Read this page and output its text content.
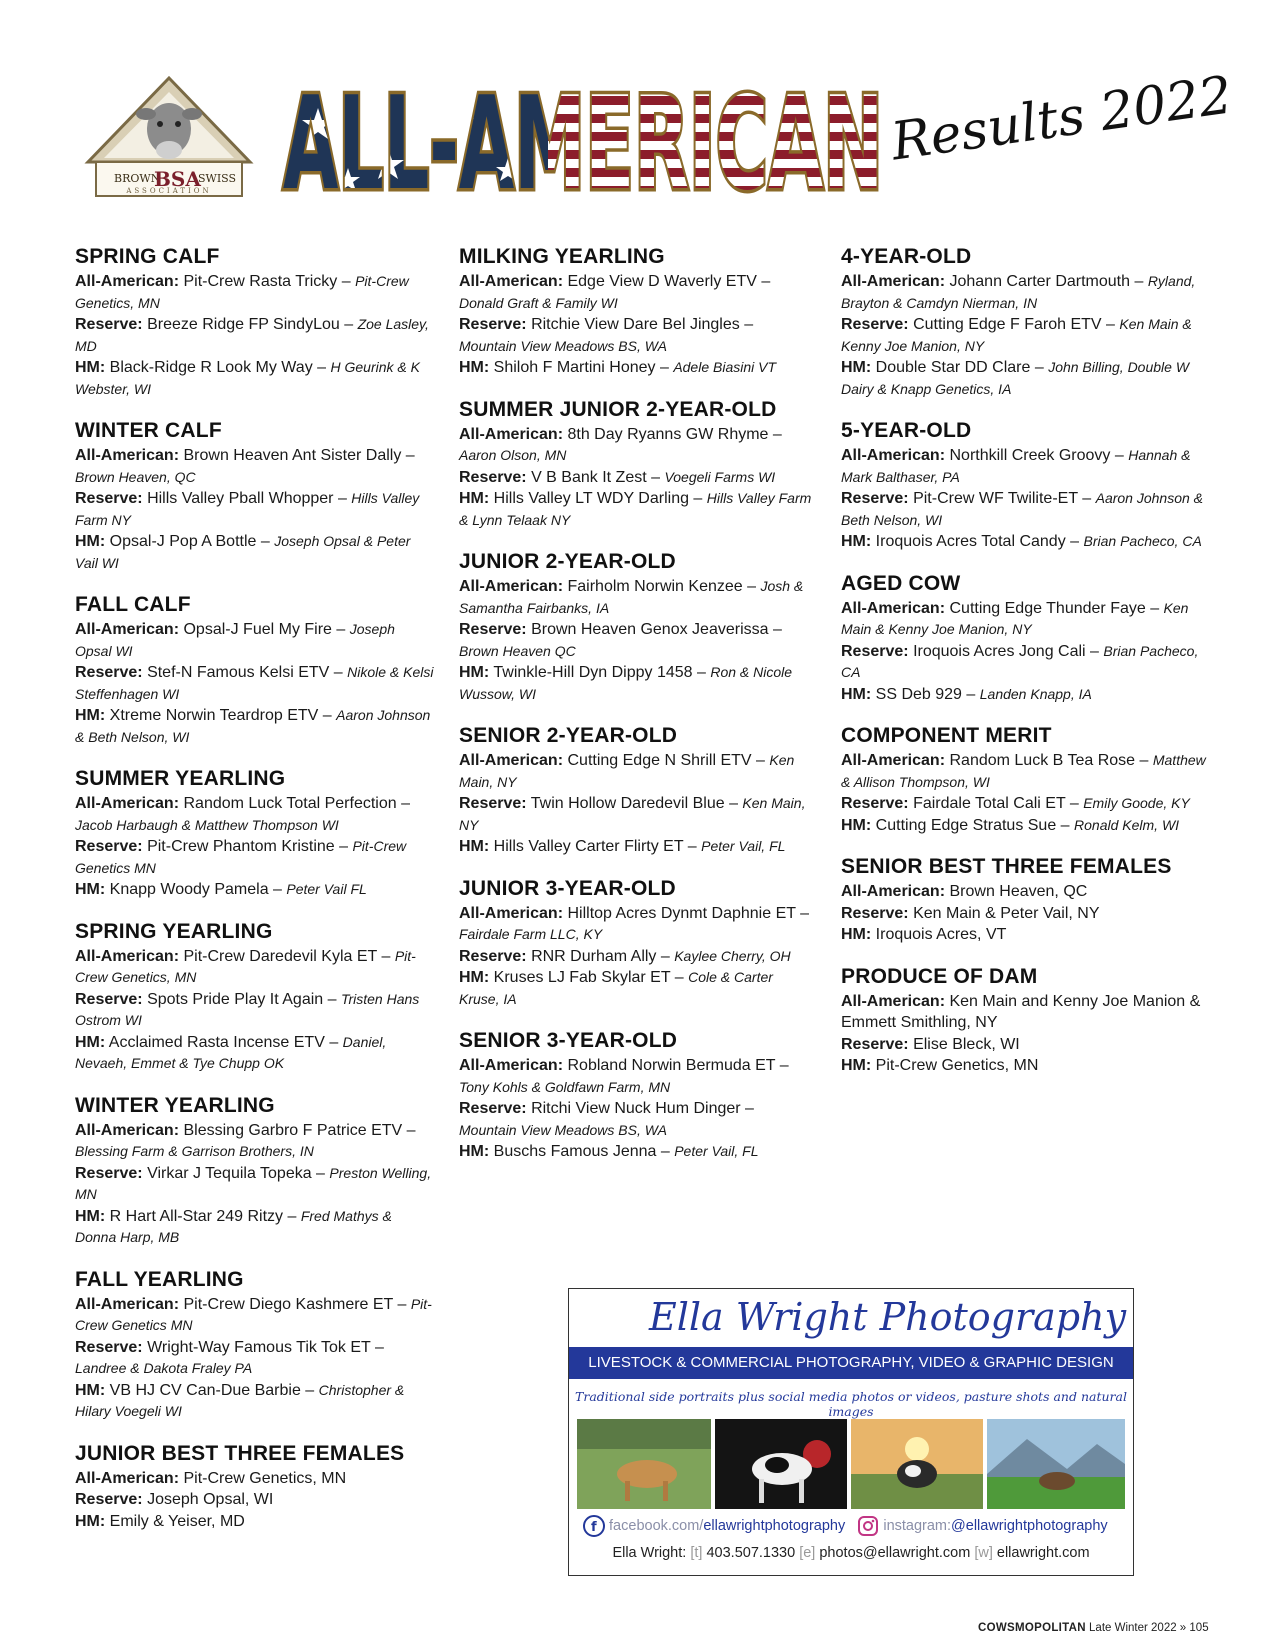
BROWN
BSA
SWISS
ASSOCIATION
Results 2022
SPRING CALF

All-American: Pit-Crew Rasta Tricky – Pit-Crew Genetics, MN

Reserve: Breeze Ridge FP SindyLou – Zoe Lasley, MD

HM: Black-Ridge R Look My Way – H Geurink & K Webster, WI

WINTER CALF

All-American: Brown Heaven Ant Sister Dally – Brown Heaven, QC

Reserve: Hills Valley Pball Whopper – Hills Valley Farm NY

HM: Opsal-J Pop A Bottle – Joseph Opsal & Peter Vail WI

FALL CALF

All-American: Opsal-J Fuel My Fire – Joseph Opsal WI

Reserve: Stef-N Famous Kelsi ETV – Nikole & Kelsi Steffenhagen WI

HM: Xtreme Norwin Teardrop ETV – Aaron Johnson & Beth Nelson, WI

SUMMER YEARLING

All-American: Random Luck Total Perfection – Jacob Harbaugh & Matthew Thompson WI

Reserve: Pit-Crew Phantom Kristine – Pit-Crew Genetics MN

HM: Knapp Woody Pamela – Peter Vail FL

SPRING YEARLING

All-American: Pit-Crew Daredevil Kyla ET – Pit-Crew Genetics, MN

Reserve: Spots Pride Play It Again – Tristen Hans Ostrom WI

HM: Acclaimed Rasta Incense ETV – Daniel, Nevaeh, Emmet & Tye Chupp OK

WINTER YEARLING

All-American: Blessing Garbro F Patrice ETV – Blessing Farm & Garrison Brothers, IN

Reserve: Virkar J Tequila Topeka – Preston Welling, MN

HM: R Hart All-Star 249 Ritzy – Fred Mathys & Donna Harp, MB

FALL YEARLING

All-American: Pit-Crew Diego Kashmere ET – Pit-Crew Genetics MN

Reserve: Wright-Way Famous Tik Tok ET – Landree & Dakota Fraley PA

HM: VB HJ CV Can-Due Barbie – Christopher & Hilary Voegeli WI

JUNIOR BEST THREE FEMALES

All-American: Pit-Crew Genetics, MN

Reserve: Joseph Opsal, WI

HM: Emily & Yeiser, MD

MILKING YEARLING

All-American: Edge View D Waverly ETV – Donald Graft & Family WI

Reserve: Ritchie View Dare Bel Jingles – Mountain View Meadows BS, WA

HM: Shiloh F Martini Honey – Adele Biasini VT

SUMMER JUNIOR 2-YEAR-OLD

All-American: 8th Day Ryanns GW Rhyme – Aaron Olson, MN

Reserve: V B Bank It Zest – Voegeli Farms WI

HM: Hills Valley LT WDY Darling – Hills Valley Farm & Lynn Telaak NY

JUNIOR 2-YEAR-OLD

All-American: Fairholm Norwin Kenzee – Josh & Samantha Fairbanks, IA

Reserve: Brown Heaven Genox Jeaverissa – Brown Heaven QC

HM: Twinkle-Hill Dyn Dippy 1458 – Ron & Nicole Wussow, WI

SENIOR 2-YEAR-OLD

All-American: Cutting Edge N Shrill ETV – Ken Main, NY

Reserve: Twin Hollow Daredevil Blue – Ken Main, NY

HM: Hills Valley Carter Flirty ET – Peter Vail, FL

JUNIOR 3-YEAR-OLD

All-American: Hilltop Acres Dynmt Daphnie ET – Fairdale Farm LLC, KY

Reserve: RNR Durham Ally – Kaylee Cherry, OH

HM: Kruses LJ Fab Skylar ET – Cole & Carter Kruse, IA

SENIOR 3-YEAR-OLD

All-American: Robland Norwin Bermuda ET – Tony Kohls & Goldfawn Farm, MN

Reserve: Ritchi View Nuck Hum Dinger – Mountain View Meadows BS, WA

HM: Buschs Famous Jenna – Peter Vail, FL

4-YEAR-OLD

All-American: Johann Carter Dartmouth – Ryland, Brayton & Camdyn Nierman, IN

Reserve: Cutting Edge F Faroh ETV – Ken Main & Kenny Joe Manion, NY

HM: Double Star DD Clare – John Billing, Double W Dairy & Knapp Genetics, IA

5-YEAR-OLD

All-American: Northkill Creek Groovy – Hannah & Mark Balthaser, PA

Reserve: Pit-Crew WF Twilite-ET – Aaron Johnson & Beth Nelson, WI

HM: Iroquois Acres Total Candy – Brian Pacheco, CA

AGED COW

All-American: Cutting Edge Thunder Faye – Ken Main & Kenny Joe Manion, NY

Reserve: Iroquois Acres Jong Cali – Brian Pacheco, CA

HM: SS Deb 929 – Landen Knapp, IA

COMPONENT MERIT

All-American: Random Luck B Tea Rose – Matthew & Allison Thompson, WI

Reserve: Fairdale Total Cali ET – Emily Goode, KY

HM: Cutting Edge Stratus Sue – Ronald Kelm, WI

SENIOR BEST THREE FEMALES

All-American: Brown Heaven, QC

Reserve: Ken Main & Peter Vail, NY

HM: Iroquois Acres, VT

PRODUCE OF DAM

All-American: Ken Main and Kenny Joe Manion & Emmett Smithling, NY

Reserve: Elise Bleck, WI

HM: Pit-Crew Genetics, MN

Ella Wright Photography
LIVESTOCK & COMMERCIAL PHOTOGRAPHY, VIDEO & GRAPHIC DESIGN
Traditional side portraits plus social media photos or videos, pasture shots and natural images
f facebook.com/ellawrightphotography	instagram:@ellawrightphotography
Ella Wright: [t] 403.507.1330 [e] photos@ellawright.com [w] ellawright.com
COWSMOPOLITAN Late Winter 2022 » 105
